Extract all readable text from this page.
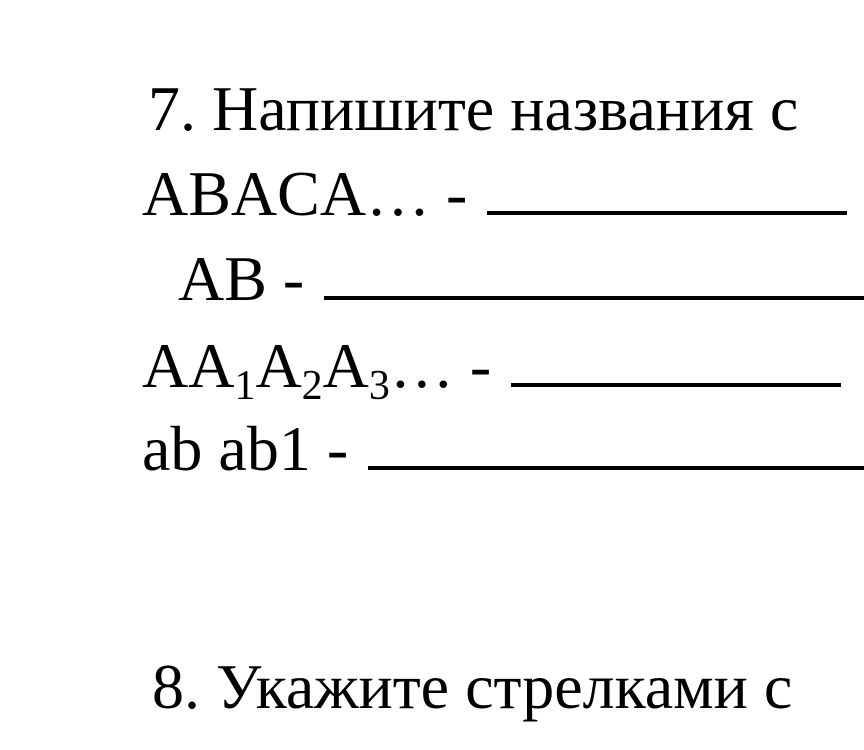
7. Напишите названия с
ABACA… -
AB -
AA1A2A3… -
ab ab1 -
8. Укажите стрелками с
